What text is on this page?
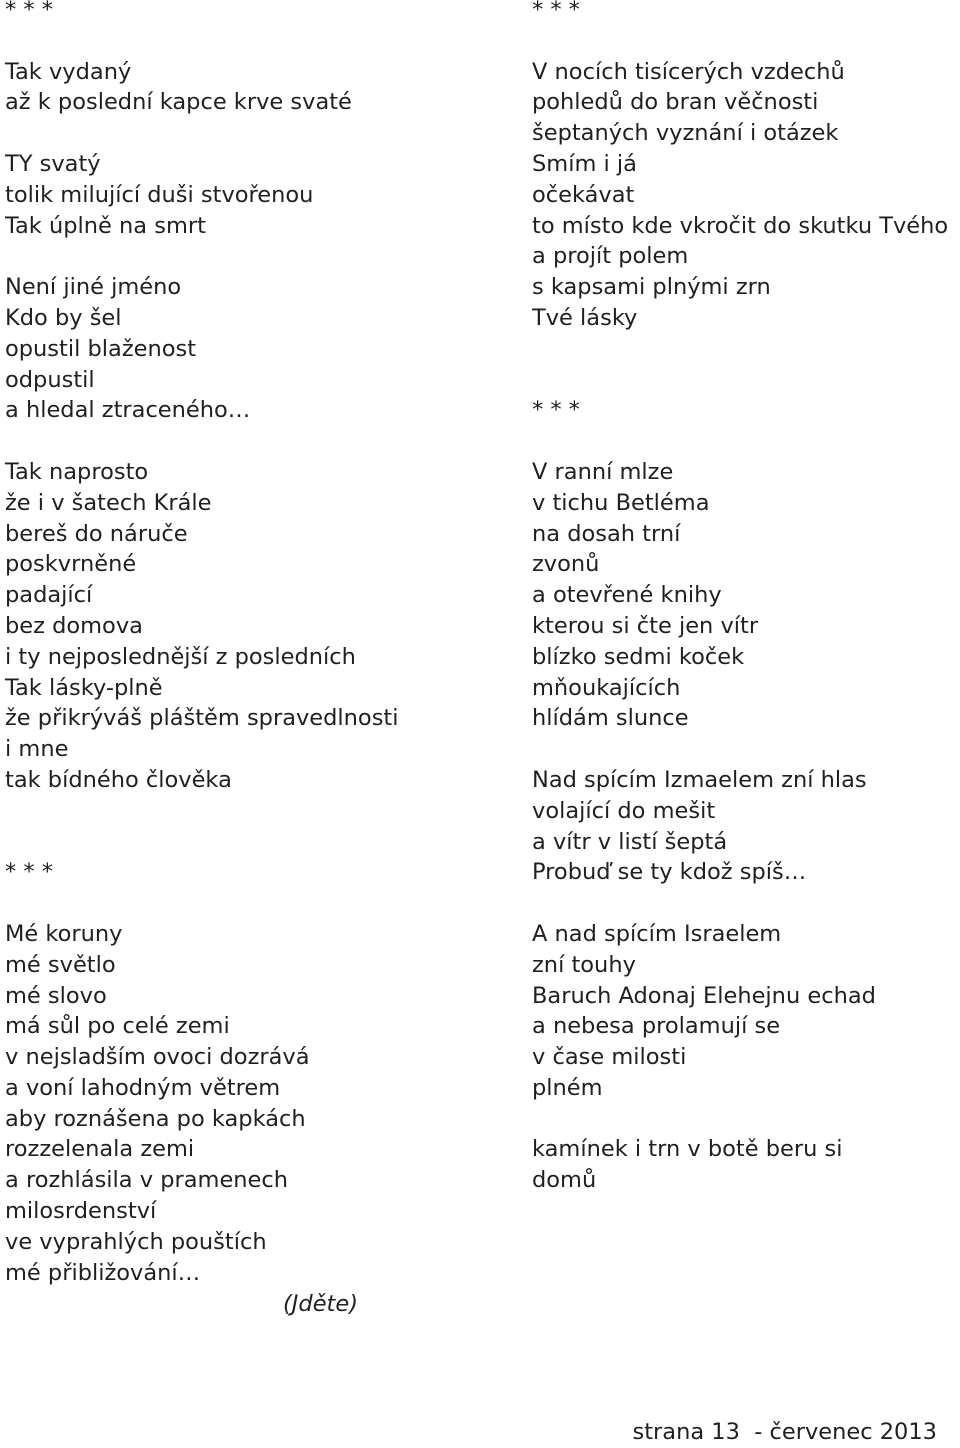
* * *
Tak vydaný
až k poslední kapce krve svaté
TY svatý
tolik milující duši stvořenou
Tak úplně na smrt
Není jiné jméno
Kdo by šel
opustil blaženost
odpustil
a hledal ztraceného…
Tak naprosto
že i v šatech Krále
bereš do náruče
poskvrněné
padající
bez domova
i ty nejposlednější z posledních
Tak lásky-plně
že přikrýváš pláštěm spravedlnosti
i mne
tak bídného člověka
* * *
Mé koruny
mé světlo
mé slovo
má sůl po celé zemi
v nejsladším ovoci dozrává
a voní lahodným větrem
aby roznášena po kapkách
rozzelenala zemi
a rozhlásila v pramenech
milosrdenství
ve vyprahlých pouštích
mé přibližování…
* * *
V nocích tisícerých vzdechů
pohledů do bran věčnosti
šeptaných vyznání i otázek
Smím i já
očekávat
to místo kde vkročit do skutku Tvého
a projít polem
s kapsami plnými zrn
Tvé lásky
* * *
V ranní mlze
v tichu Betléma
na dosah trní
zvonů
a otevřené knihy
kterou si čte jen vítr
blízko sedmi koček
mňoukajících
hlídám slunce
Nad spícím Izmaelem zní hlas
volající do mešit
a vítr v listí šeptá
Probuď se ty kdož spíš…
A nad spícím Israelem
zní touhy
Baruch Adonaj Elehejnu echad
a nebesa prolamují se
v čase milosti
plném
kamínek i trn v botě beru si
domů
(Jděte)
strana 13  - červenec 2013
